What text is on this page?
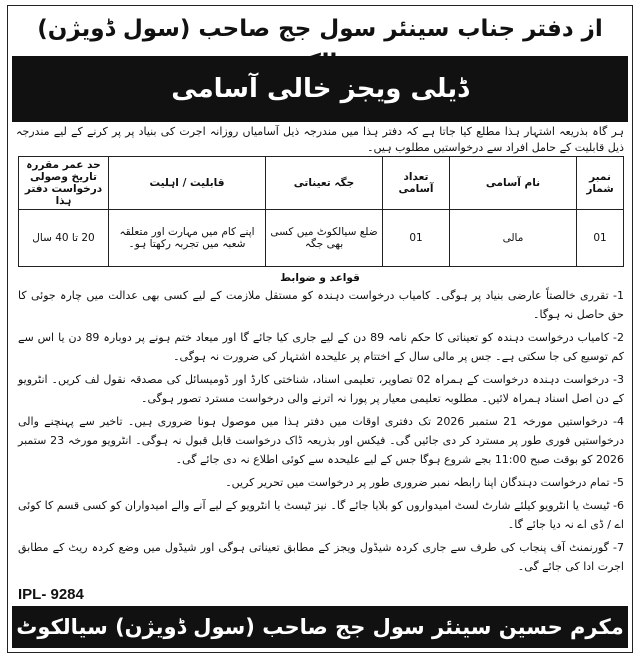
از دفتر جناب سینئر سول جج صاحب (سول ڈویژن)
ڈیلی ویجز خالی آسامی
ہر گاہ بذریعہ اشتہار ہذا مطلع کیا جاتا ہے کہ دفتر ہذا میں مندرجہ ذیل آسامیاں روزانہ اجرت کی بنیاد پر پر کرنے کے لیے مندرجہ ذیل قابلیت کے حامل افراد سے درخواستیں مطلوب ہیں۔
نمبر شمار	نام آسامی	تعداد آسامی	جگہ تعیناتی	قابلیت / اہلیت	حد عمر مقررہ تاریخ وصولی درخواست دفتر ہذا
01	مالی	01	ضلع سیالکوٹ میں کسی بھی جگہ	اپنے کام میں مہارت اور متعلقہ شعبہ میں تجربہ رکھتا ہو۔	20 تا 40 سال
قواعد و ضوابط

1- تقرری خالصتاً عارضی بنیاد پر ہوگی۔ کامیاب درخواست دہندہ کو مستقل ملازمت کے لیے کسی بھی عدالت میں چارہ جوئی کا حق حاصل نہ ہوگا۔

2- کامیاب درخواست دہندہ کو تعیناتی کا حکم نامہ 89 دن کے لیے جاری کیا جائے گا اور میعاد ختم ہونے پر دوبارہ 89 دن یا اس سے کم توسیع کی جا سکتی ہے۔ جس پر مالی سال کے اختتام پر علیحدہ اشتہار کی ضرورت نہ ہوگی۔

3- درخواست دہندہ درخواست کے ہمراہ 02 تصاویر، تعلیمی اسناد، شناختی کارڈ اور ڈومیسائل کی مصدقہ نقول لف کریں۔ انٹرویو کے دن اصل اسناد ہمراہ لائیں۔ مطلوبہ تعلیمی معیار پر پورا نہ اترنے والی درخواست مسترد تصور ہوگی۔

4- درخواستیں مورخہ 21 ستمبر 2026 تک دفتری اوقات میں دفتر ہذا میں موصول ہونا ضروری ہیں۔ تاخیر سے پہنچنے والی درخواستیں فوری طور پر مسترد کر دی جائیں گی۔ فیکس اور بذریعہ ڈاک درخواست قابل قبول نہ ہوگی۔ انٹرویو مورخہ 23 ستمبر 2026 کو بوقت صبح 11:00 بجے شروع ہوگا جس کے لیے علیحدہ سے کوئی اطلاع نہ دی جائے گی۔

5- تمام درخواست دہندگان اپنا رابطہ نمبر ضروری طور پر درخواست میں تحریر کریں۔

6- ٹیسٹ یا انٹرویو کیلئے شارٹ لسٹ امیدواروں کو بلایا جائے گا۔ نیز ٹیسٹ یا انٹرویو کے لیے آنے والے امیدواران کو کسی قسم کا کوئی اے / ڈی اے نہ دیا جائے گا۔

7- گورنمنٹ آف پنجاب کی طرف سے جاری کردہ شیڈول ویجز کے مطابق تعیناتی ہوگی اور شیڈول میں وضع کردہ ریٹ کے مطابق اجرت ادا کی جائے گی۔

IPL- 9284
مکرم حسین سینئر سول جج صاحب (سول ڈویژن) سیالکوٹ
